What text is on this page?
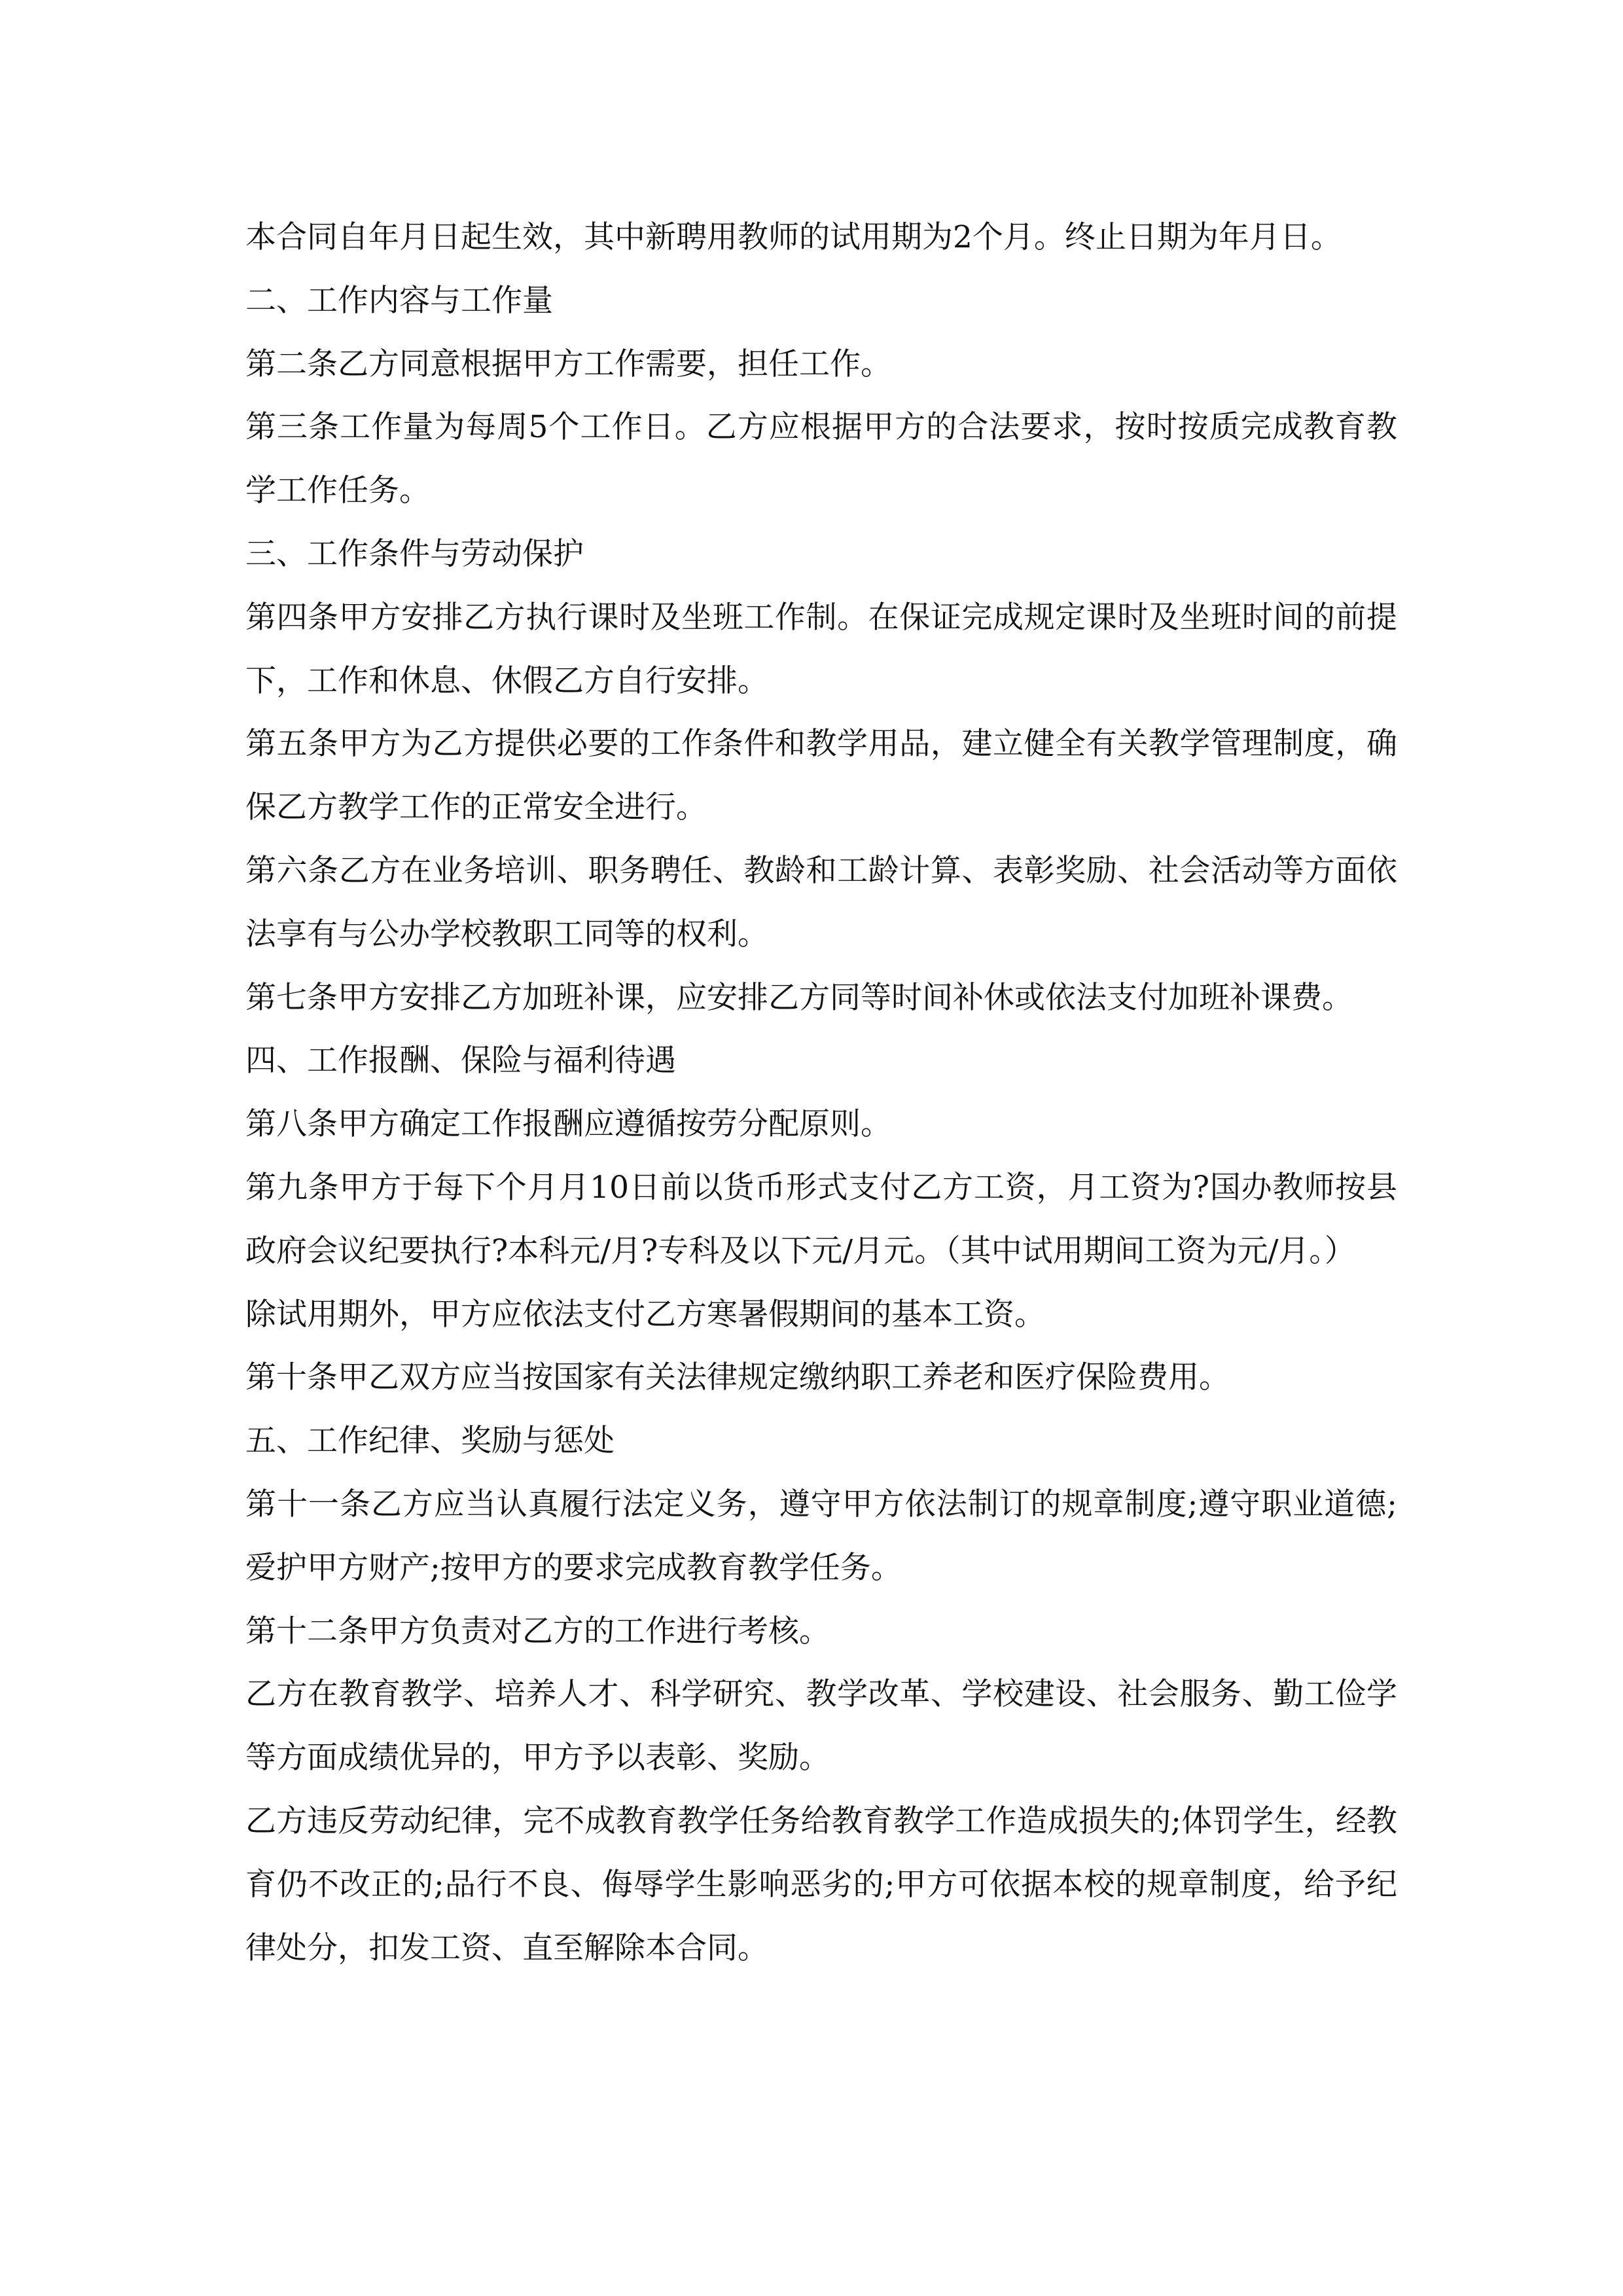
本合同自年月日起生效，其中新聘用教师的试用期为2个月。终止日期为年月日。

二、工作内容与工作量

第二条乙方同意根据甲方工作需要，担任工作。

第三条工作量为每周5个工作日。乙方应根据甲方的合法要求，按时按质完成教育教学工作任务。

三、工作条件与劳动保护

第四条甲方安排乙方执行课时及坐班工作制。在保证完成规定课时及坐班时间的前提下，工作和休息、休假乙方自行安排。

第五条甲方为乙方提供必要的工作条件和教学用品，建立健全有关教学管理制度，确保乙方教学工作的正常安全进行。

第六条乙方在业务培训、职务聘任、教龄和工龄计算、表彰奖励、社会活动等方面依法享有与公办学校教职工同等的权利。

第七条甲方安排乙方加班补课，应安排乙方同等时间补休或依法支付加班补课费。

四、工作报酬、保险与福利待遇

第八条甲方确定工作报酬应遵循按劳分配原则。

第九条甲方于每下个月月10日前以货币形式支付乙方工资，月工资为?国办教师按县政府会议纪要执行?本科元/月?专科及以下元/月元。（其中试用期间工资为元/月。）

除试用期外，甲方应依法支付乙方寒暑假期间的基本工资。

第十条甲乙双方应当按国家有关法律规定缴纳职工养老和医疗保险费用。

五、工作纪律、奖励与惩处

第十一条乙方应当认真履行法定义务，遵守甲方依法制订的规章制度;遵守职业道德;爱护甲方财产;按甲方的要求完成教育教学任务。

第十二条甲方负责对乙方的工作进行考核。

乙方在教育教学、培养人才、科学研究、教学改革、学校建设、社会服务、勤工俭学等方面成绩优异的，甲方予以表彰、奖励。

乙方违反劳动纪律，完不成教育教学任务给教育教学工作造成损失的;体罚学生，经教育仍不改正的;品行不良、侮辱学生影响恶劣的;甲方可依据本校的规章制度，给予纪律处分，扣发工资、直至解除本合同。
